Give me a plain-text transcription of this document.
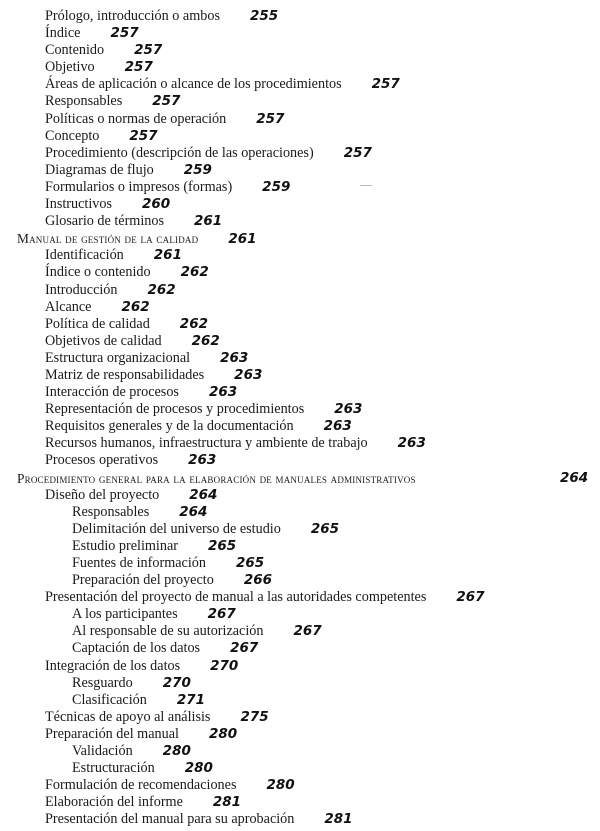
Prólogo, introducción o ambos 255
Índice 257
Contenido 257
Objetivo 257
Áreas de aplicación o alcance de los procedimientos 257
Responsables 257
Políticas o normas de operación 257
Concepto 257
Procedimiento (descripción de las operaciones) 257
Diagramas de flujo 259
Formularios o impresos (formas) 259
Instructivos 260
Glosario de términos 261
Manual de gestión de la calidad 261
Identificación 261
Índice o contenido 262
Introducción 262
Alcance 262
Política de calidad 262
Objetivos de calidad 262
Estructura organizacional 263
Matriz de responsabilidades 263
Interacción de procesos 263
Representación de procesos y procedimientos 263
Requisitos generales y de la documentación 263
Recursos humanos, infraestructura y ambiente de trabajo 263
Procesos operativos 263
Procedimiento general para la elaboración de manuales administrativos	264
Diseño del proyecto 264
Responsables 264
Delimitación del universo de estudio 265
Estudio preliminar 265
Fuentes de información 265
Preparación del proyecto 266
Presentación del proyecto de manual a las autoridades competentes 267
A los participantes 267
Al responsable de su autorización 267
Captación de los datos 267
Integración de los datos 270
Resguardo 270
Clasificación 271
Técnicas de apoyo al análisis 275
Preparación del manual 280
Validación 280
Estructuración 280
Formulación de recomendaciones 280
Elaboración del informe 281
Presentación del manual para su aprobación 281
